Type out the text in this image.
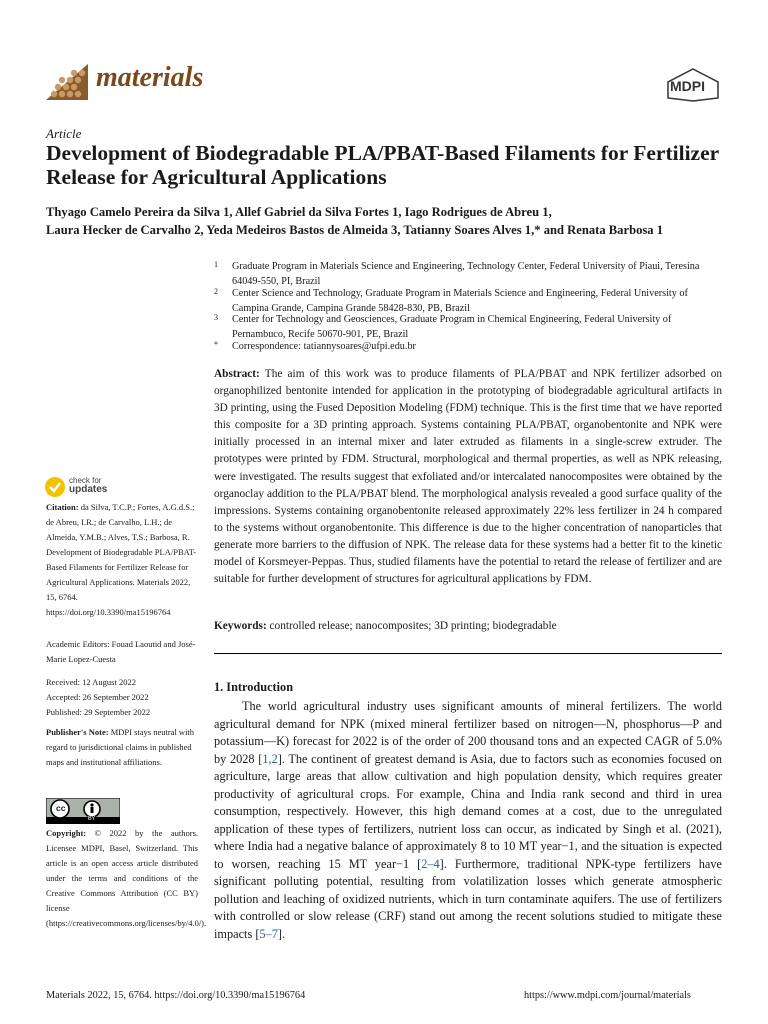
materials	MDPI
Article
Development of Biodegradable PLA/PBAT-Based Filaments for Fertilizer Release for Agricultural Applications
Thyago Camelo Pereira da Silva 1, Allef Gabriel da Silva Fortes 1, Iago Rodrigues de Abreu 1,
Laura Hecker de Carvalho 2, Yeda Medeiros Bastos de Almeida 3, Tatianny Soares Alves 1,* and Renata Barbosa 1
1	Graduate Program in Materials Science and Engineering, Technology Center, Federal University of Piaui, Teresina 64049-550, PI, Brazil
2	Center Science and Technology, Graduate Program in Materials Science and Engineering, Federal University of Campina Grande, Campina Grande 58428-830, PB, Brazil
3	Center for Technology and Geosciences, Graduate Program in Chemical Engineering, Federal University of Pernambuco, Recife 50670-901, PE, Brazil
*	Correspondence: tatiannysoares@ufpi.edu.br
Abstract: The aim of this work was to produce filaments of PLA/PBAT and NPK fertilizer adsorbed on organophilized bentonite intended for application in the prototyping of biodegradable agricultural artifacts in 3D printing, using the Fused Deposition Modeling (FDM) technique. This is the first time that we have reported this composite for a 3D printing approach. Systems containing PLA/PBAT, organobentonite and NPK were initially processed in an internal mixer and later extruded as filaments in a single-screw extruder. The prototypes were printed by FDM. Structural, morphological and thermal properties, as well as NPK releasing, were investigated. The results suggest that exfoliated and/or intercalated nanocomposites were obtained by the organoclay addition to the PLA/PBAT blend. The morphological analysis revealed a good surface quality of the impressions. Systems containing organobentonite released approximately 22% less fertilizer in 24 h compared to the systems without organobentonite. This difference is due to the higher concentration of nanoparticles that generate more barriers to the diffusion of NPK. The release data for these systems had a better fit to the kinetic model of Korsmeyer-Peppas. Thus, studied filaments have the potential to retard the release of fertilizer and are suitable for further development of structures for agricultural applications by FDM.
Keywords: controlled release; nanocomposites; 3D printing; biodegradable
check for
updates
Citation: da Silva, T.C.P.; Fortes, A.G.d.S.; de Abreu, I.R.; de Carvalho, L.H.; de Almeida, Y.M.B.; Alves, T.S.; Barbosa, R. Development of Biodegradable PLA/PBAT-Based Filaments for Fertilizer Release for Agricultural Applications. Materials 2022, 15, 6764. https://doi.org/10.3390/ma15196764
Academic Editors: Fouad Laoutid and José-Marie Lopez-Cuesta
Received: 12 August 2022
Accepted: 26 September 2022
Published: 29 September 2022
Publisher's Note: MDPI stays neutral with regard to jurisdictional claims in published maps and institutional affiliations.
cc
BY
Copyright: © 2022 by the authors. Licensee MDPI, Basel, Switzerland. This article is an open access article distributed under the terms and conditions of the Creative Commons Attribution (CC BY) license (https://creativecommons.org/licenses/by/4.0/).
1. Introduction
The world agricultural industry uses significant amounts of mineral fertilizers. The world agricultural demand for NPK (mixed mineral fertilizer based on nitrogen—N, phosphorus—P and potassium—K) forecast for 2022 is of the order of 200 thousand tons and an expected CAGR of 5.0% by 2028 [1,2]. The continent of greatest demand is Asia, due to factors such as economies focused on agriculture, large areas that allow cultivation and high population density, which requires greater productivity of agricultural crops. For example, China and India rank second and third in urea consumption, respectively. However, this high demand comes at a cost, due to the unregulated application of these types of fertilizers, nutrient loss can occur, as indicated by Singh et al. (2021), where India had a negative balance of approximately 8 to 10 MT year−1, and the situation is expected to worsen, reaching 15 MT year−1 [2–4]. Furthermore, traditional NPK-type fertilizers have significant polluting potential, resulting from volatilization losses which generate atmospheric pollution and leaching of oxidized nutrients, which in turn contaminate aquifers. The use of fertilizers with controlled or slow release (CRF) stand out among the recent solutions studied to mitigate these impacts [5–7].
Materials 2022, 15, 6764. https://doi.org/10.3390/ma15196764	https://www.mdpi.com/journal/materials
